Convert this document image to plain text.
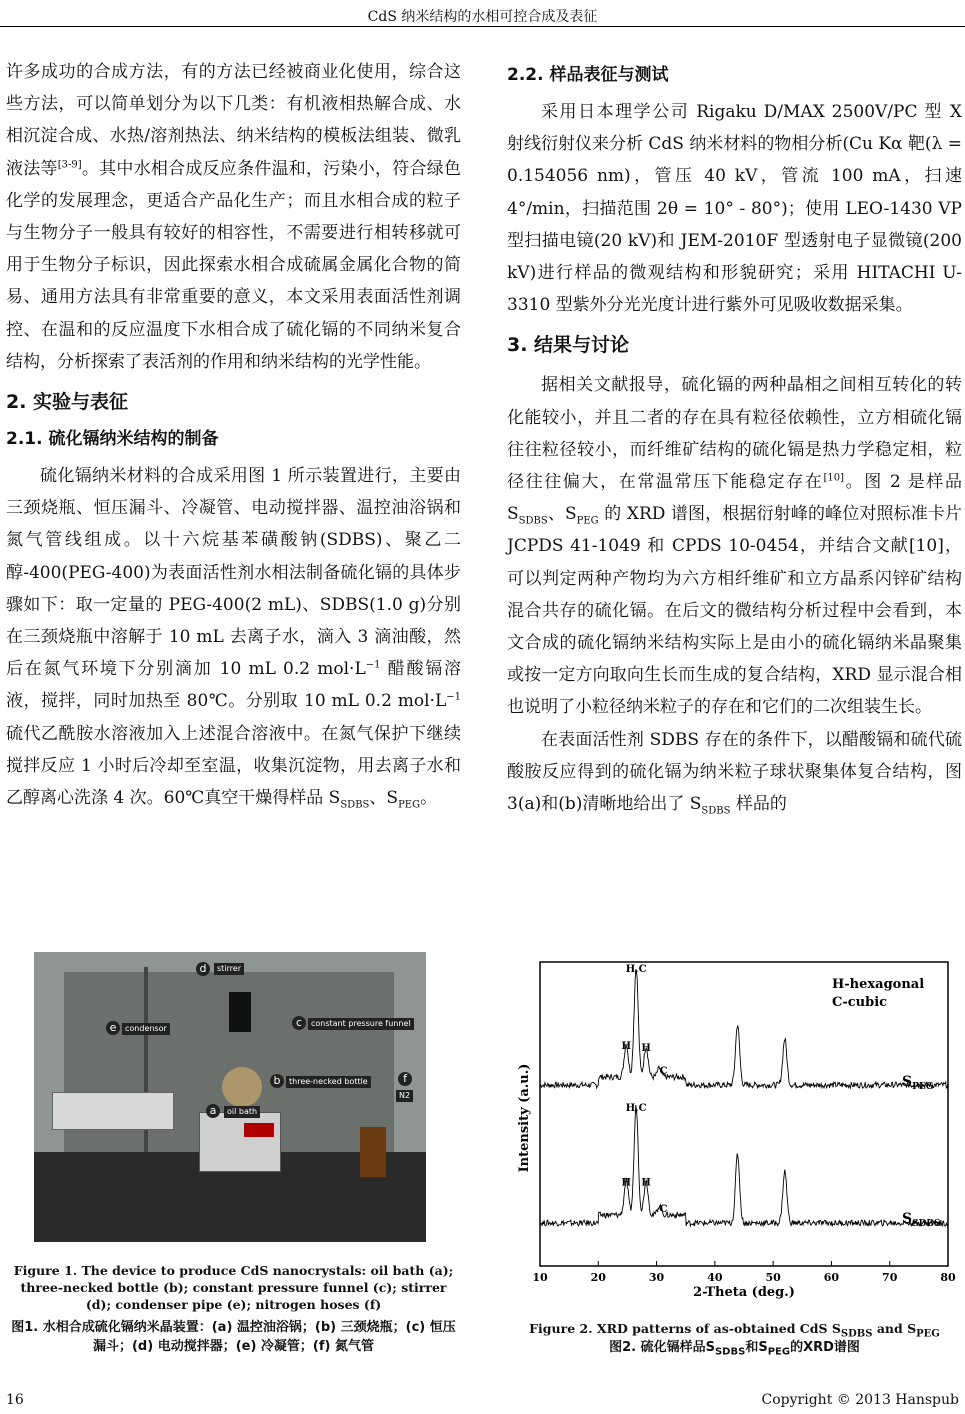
CdS 纳米结构的水相可控合成及表征

许多成功的合成方法，有的方法已经被商业化使用，综合这些方法，可以简单划分为以下几类：有机液相热解合成、水相沉淀合成、水热/溶剂热法、纳米结构的模板法组装、微乳液法等[3-9]。其中水相合成反应条件温和，污染小，符合绿色化学的发展理念，更适合产品化生产；而且水相合成的粒子与生物分子一般具有较好的相容性，不需要进行相转移就可用于生物分子标识，因此探索水相合成硫属金属化合物的简易、通用方法具有非常重要的意义，本文采用表面活性剂调控、在温和的反应温度下水相合成了硫化镉的不同纳米复合结构，分析探索了表活剂的作用和纳米结构的光学性能。

2. 实验与表征
2.1. 硫化镉纳米结构的制备

硫化镉纳米材料的合成采用图 1 所示装置进行，主要由三颈烧瓶、恒压漏斗、冷凝管、电动搅拌器、温控油浴锅和氮气管线组成。以十六烷基苯磺酸钠(SDBS)、聚乙二醇-400(PEG-400)为表面活性剂水相法制备硫化镉的具体步骤如下：取一定量的 PEG-400(2 mL)、SDBS(1.0 g)分别在三颈烧瓶中溶解于 10 mL 去离子水，滴入 3 滴油酸，然后在氮气环境下分别滴加 10 mL 0.2 $mol\cdot L^{-1}$ 醋酸镉溶液，搅拌，同时加热至 80℃。分别取 10 mL 0.2 $mol\cdot L^{-1}$ 硫代乙酰胺水溶液加入上述混合溶液中。在氮气保护下继续搅拌反应 1 小时后冷却至室温，收集沉淀物，用去离子水和乙醇离心洗涤 4 次。60℃真空干燥得样品 $S_{SDBS}$、$S_{PEG}$。

2.2. 样品表征与测试

采用日本理学公司 Rigaku D/MAX 2500V/PC 型 X 射线衍射仪来分析 CdS 纳米材料的物相分析(Cu Kα 靶(λ = 0.154056 nm)，管压 40 kV，管流 100 mA，扫速 4°/min，扫描范围 2θ = 10° - 80°)；使用 LEO-1430 VP 型扫描电镜(20 kV)和 JEM-2010F 型透射电子显微镜(200 kV)进行样品的微观结构和形貌研究；采用 HITACHI U-3310 型紫外分光光度计进行紫外可见吸收数据采集。

3. 结果与讨论

据相关文献报导，硫化镉的两种晶相之间相互转化的转化能较小，并且二者的存在具有粒径依赖性，立方相硫化镉往往粒径较小，而纤维矿结构的硫化镉是热力学稳定相，粒径往往偏大，在常温常压下能稳定存在[10]。图 2 是样品 $S_{SDBS}$、$S_{PEG}$ 的 XRD 谱图，根据衍射峰的峰位对照标准卡片 JCPDS 41-1049 和 CPDS 10-0454，并结合文献[10]，可以判定两种产物均为六方相纤维矿和立方晶系闪锌矿结构混合共存的硫化镉。在后文的微结构分析过程中会看到，本文合成的硫化镉纳米结构实际上是由小的硫化镉纳米晶聚集或按一定方向取向生长而生成的复合结构，XRD 显示混合相也说明了小粒径纳米粒子的存在和它们的二次组装生长。

在表面活性剂 SDBS 存在的条件下，以醋酸镉和硫代硫酸胺反应得到的硫化镉为纳米粒子球状聚集体复合结构，图 3(a)和(b)清晰地给出了 $S_{SDBS}$ 样品的

d	stirrer
c	constant pressure funnel
e	condensor
b	three-necked bottle	f
N2
a	oil bath
Figure 1. The device to produce CdS nanocrystals: oil bath (a); three-necked bottle (b); constant pressure funnel (c); stirrer (d); condenser pipe (e); nitrogen hoses (f)
图1. 水相合成硫化镉纳米晶装置：(a) 温控油浴锅；(b) 三颈烧瓶；(c) 恒压漏斗；(d) 电动搅拌器；(e) 冷凝管；(f) 氮气管
H-hexagonal
C-cubic
Intensity (a.u.)
2-Theta (deg.)
$S_{PEG}$
$S_{SDBS}$
10	20	30	40	50	60	70	80
H
H,C
H
C
H
H,C
H
C
Figure 2. XRD patterns of as-obtained CdS $S_{SDBS}$ and $S_{PEG}$
图2. 硫化镉样品$S_{SDBS}$和$S_{PEG}$的XRD谱图
16	Copyright © 2013 Hanspub
